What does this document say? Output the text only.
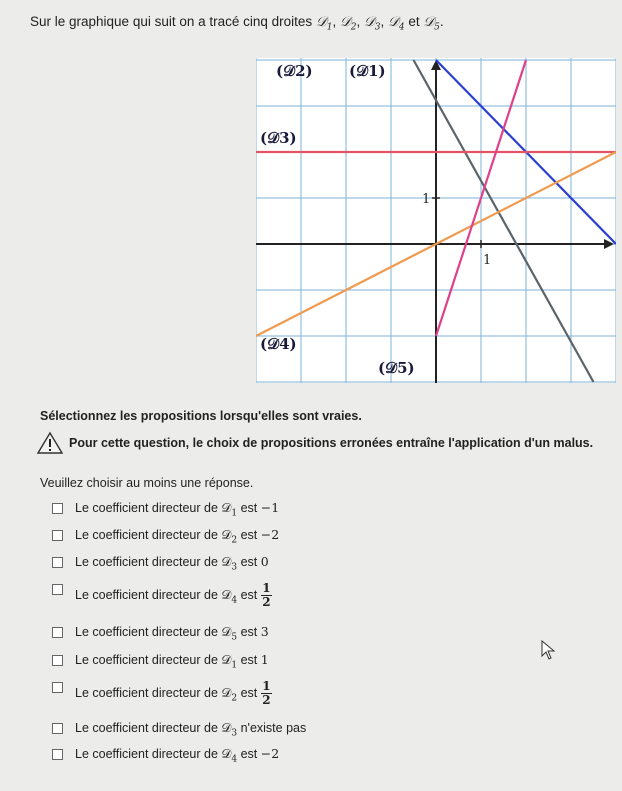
Sur le graphique qui suit on a tracé cinq droites 𝒟$_1$, 𝒟$_2$, 𝒟$_3$, 𝒟$_4$ et 𝒟$_5$.
1
1
(𝒟1)
(𝒟2)
(𝒟3)
(𝒟4)
(𝒟5)
Sélectionnez les propositions lorsqu'elles sont vraies.
Pour cette question, le choix de propositions erronées entraîne l'application d'un malus.
Veuillez choisir au moins une réponse.
Le coefficient directeur de 𝒟$_1$ est −1
Le coefficient directeur de 𝒟$_2$ est −2
Le coefficient directeur de 𝒟$_3$ est 0
Le coefficient directeur de 𝒟$_4$ est $\frac{1}{2}$
Le coefficient directeur de 𝒟$_5$ est 3
Le coefficient directeur de 𝒟$_1$ est 1
Le coefficient directeur de 𝒟$_2$ est $\frac{1}{2}$
Le coefficient directeur de 𝒟$_3$ n'existe pas
Le coefficient directeur de 𝒟$_4$ est −2
